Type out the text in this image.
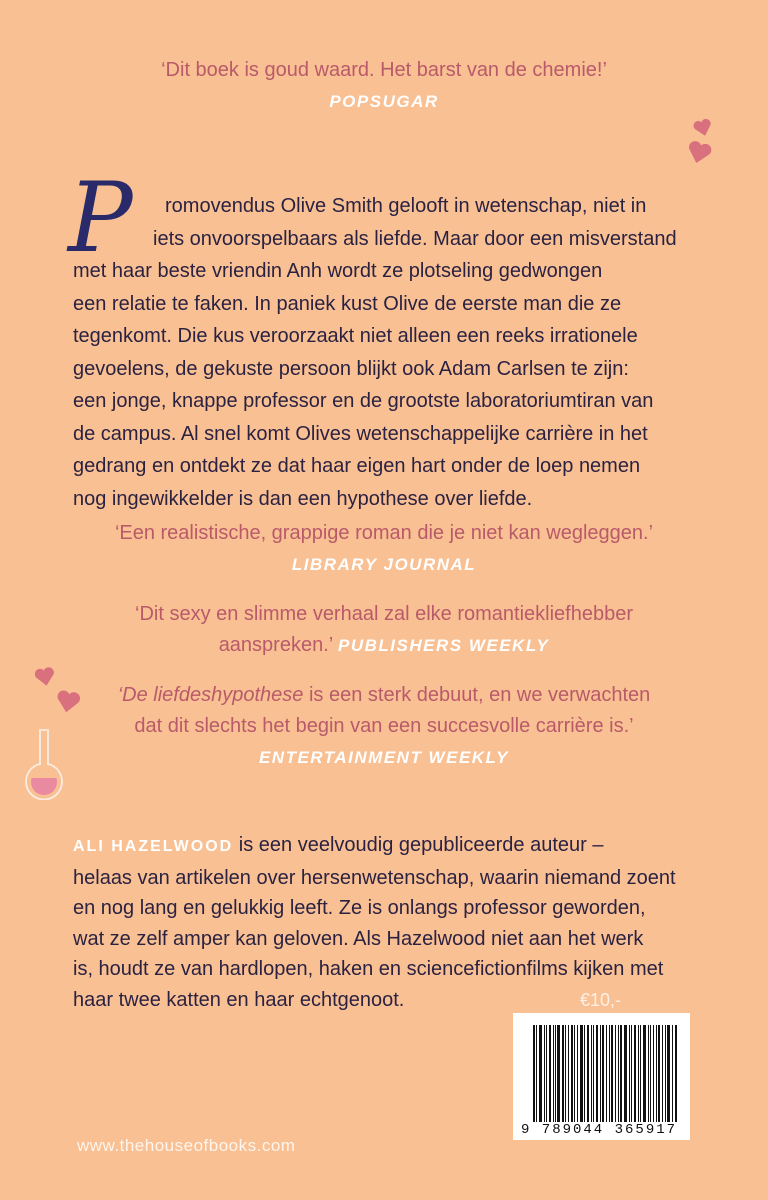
‘Dit boek is goud waard. Het barst van de chemie!’
POPSUGAR
P	romovendus Olive Smith gelooft in wetenschap, niet in
iets onvoorspelbaars als liefde. Maar door een misverstand
met haar beste vriendin Anh wordt ze plotseling gedwongen
een relatie te faken. In paniek kust Olive de eerste man die ze
tegenkomt. Die kus veroorzaakt niet alleen een reeks irrationele
gevoelens, de gekuste persoon blijkt ook Adam Carlsen te zijn:
een jonge, knappe professor en de grootste laboratoriumtiran van
de campus. Al snel komt Olives wetenschappelijke carrière in het
gedrang en ontdekt ze dat haar eigen hart onder de loep nemen
nog ingewikkelder is dan een hypothese over liefde.
‘Een realistische, grappige roman die je niet kan wegleggen.’
LIBRARY JOURNAL
‘Dit sexy en slimme verhaal zal elke romantiekliefhebber
aanspreken.’ PUBLISHERS WEEKLY
‘De liefdeshypothese is een sterk debuut, en we verwachten
dat dit slechts het begin van een succesvolle carrière is.’
ENTERTAINMENT WEEKLY
ALI HAZELWOOD is een veelvoudig gepubliceerde auteur –
helaas van artikelen over hersenwetenschap, waarin niemand zoent
en nog lang en gelukkig leeft. Ze is onlangs professor geworden,
wat ze zelf amper kan geloven. Als Hazelwood niet aan het werk
is, houdt ze van hardlopen, haken en sciencefictionfilms kijken met
haar twee katten en haar echtgenoot.	€10,-
9 789044 365917
www.thehouseofbooks.com
